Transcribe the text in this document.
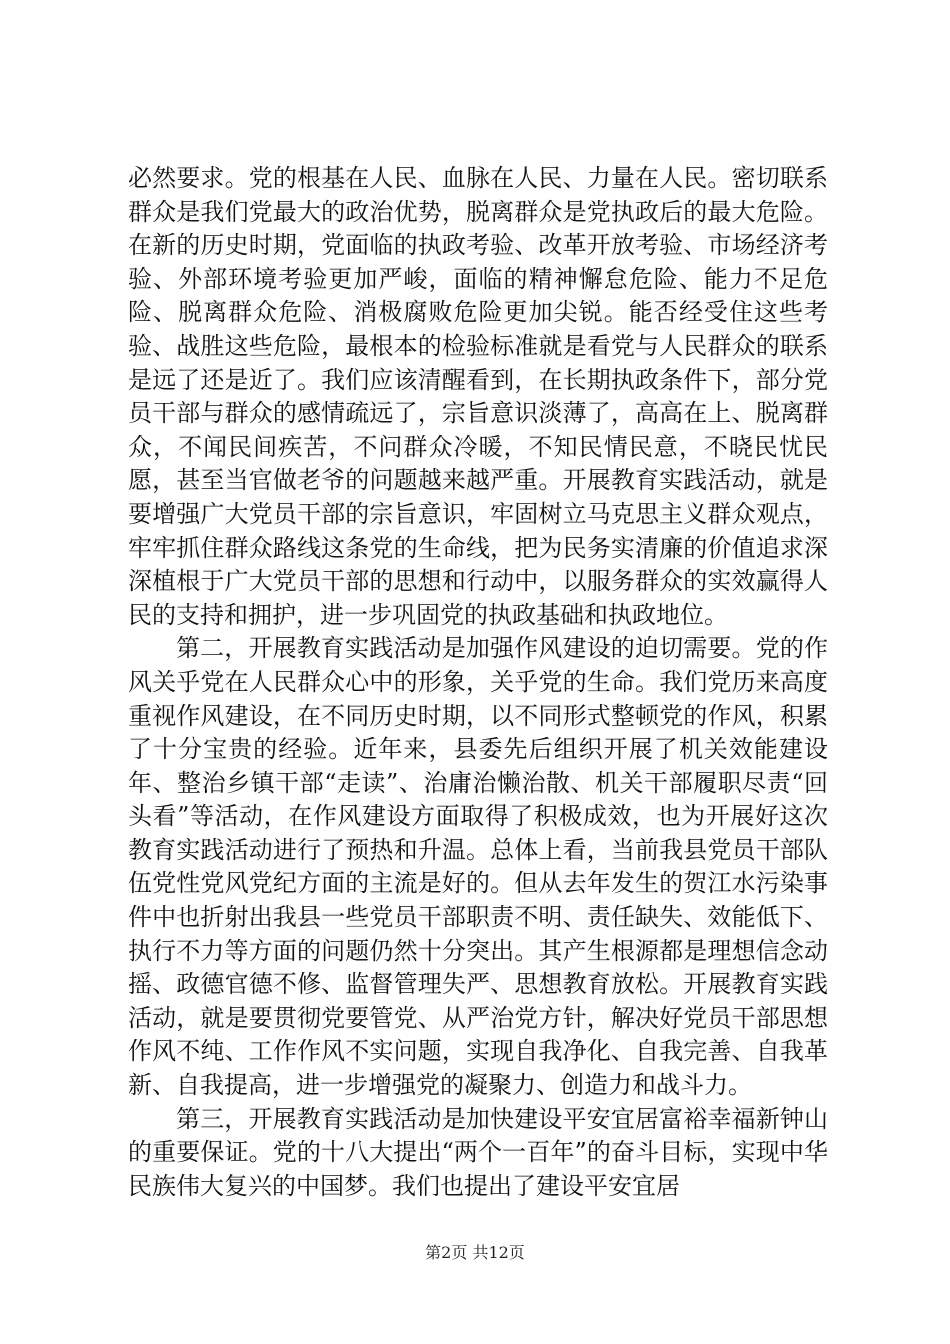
必然要求。党的根基在人民、血脉在人民、力量在人民。密切联系群众是我们党最大的政治优势，脱离群众是党执政后的最大危险。在新的历史时期，党面临的执政考验、改革开放考验、市场经济考验、外部环境考验更加严峻，面临的精神懈怠危险、能力不足危险、脱离群众危险、消极腐败危险更加尖锐。能否经受住这些考验、战胜这些危险，最根本的检验标准就是看党与人民群众的联系是远了还是近了。我们应该清醒看到，在长期执政条件下，部分党员干部与群众的感情疏远了，宗旨意识淡薄了，高高在上、脱离群众，不闻民间疾苦，不问群众冷暖，不知民情民意，不晓民忧民愿，甚至当官做老爷的问题越来越严重。开展教育实践活动，就是要增强广大党员干部的宗旨意识，牢固树立马克思主义群众观点，牢牢抓住群众路线这条党的生命线，把为民务实清廉的价值追求深深植根于广大党员干部的思想和行动中，以服务群众的实效赢得人民的支持和拥护，进一步巩固党的执政基础和执政地位。

第二，开展教育实践活动是加强作风建设的迫切需要。党的作风关乎党在人民群众心中的形象，关乎党的生命。我们党历来高度重视作风建设，在不同历史时期，以不同形式整顿党的作风，积累了十分宝贵的经验。近年来，县委先后组织开展了机关效能建设年、整治乡镇干部“走读”、治庸治懒治散、机关干部履职尽责“回头看”等活动，在作风建设方面取得了积极成效，也为开展好这次教育实践活动进行了预热和升温。总体上看，当前我县党员干部队伍党性党风党纪方面的主流是好的。但从去年发生的贺江水污染事件中也折射出我县一些党员干部职责不明、责任缺失、效能低下、执行不力等方面的问题仍然十分突出。其产生根源都是理想信念动摇、政德官德不修、监督管理失严、思想教育放松。开展教育实践活动，就是要贯彻党要管党、从严治党方针，解决好党员干部思想作风不纯、工作作风不实问题，实现自我净化、自我完善、自我革新、自我提高，进一步增强党的凝聚力、创造力和战斗力。

第三，开展教育实践活动是加快建设平安宜居富裕幸福新钟山的重要保证。党的十八大提出“两个一百年”的奋斗目标，实现中华民族伟大复兴的中国梦。我们也提出了建设平安宜居

第2页 共12页
